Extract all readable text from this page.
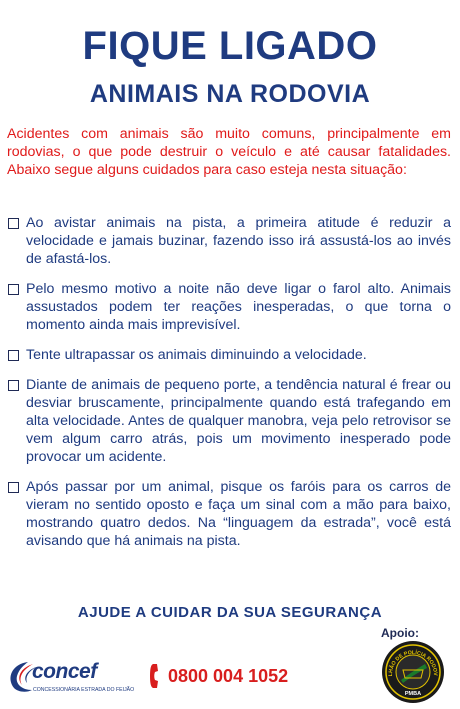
FIQUE LIGADO
ANIMAIS NA RODOVIA

Acidentes com animais são muito comuns, principalmente em rodovias, o que pode destruir o veículo e até causar fatalidades. Abaixo segue alguns cuidados para caso esteja nesta situação:

Ao avistar animais na pista, a primeira atitude é reduzir a velocidade e jamais buzinar, fazendo isso irá assustá-los ao invés de afastá-los.
Pelo mesmo motivo a noite não deve ligar o farol alto. Animais assustados podem ter reações inesperadas, o que torna o momento ainda mais imprevisível.
Tente ultrapassar os animais diminuindo a velocidade.
Diante de animais de pequeno porte, a tendência natural é frear ou desviar bruscamente, principalmente quando está trafegando em alta velocidade. Antes de qualquer manobra, veja pelo retrovisor se vem algum carro atrás, pois um movimento inesperado pode provocar um acidente.
Após passar por um animal, pisque os faróis para os carros de vieram no sentido oposto e faça um sinal com a mão para baixo, mostrando quatro dedos. Na “linguagem da estrada”, você está avisando que há animais na pista.
AJUDE A CUIDAR DA SUA SEGURANÇA
Apoio:
concef
CONCESSIONÁRIA ESTRADA DO FEIJÃO
0800 004 1052	LHÃO DE POLÍCIA RODOV
PMBA
